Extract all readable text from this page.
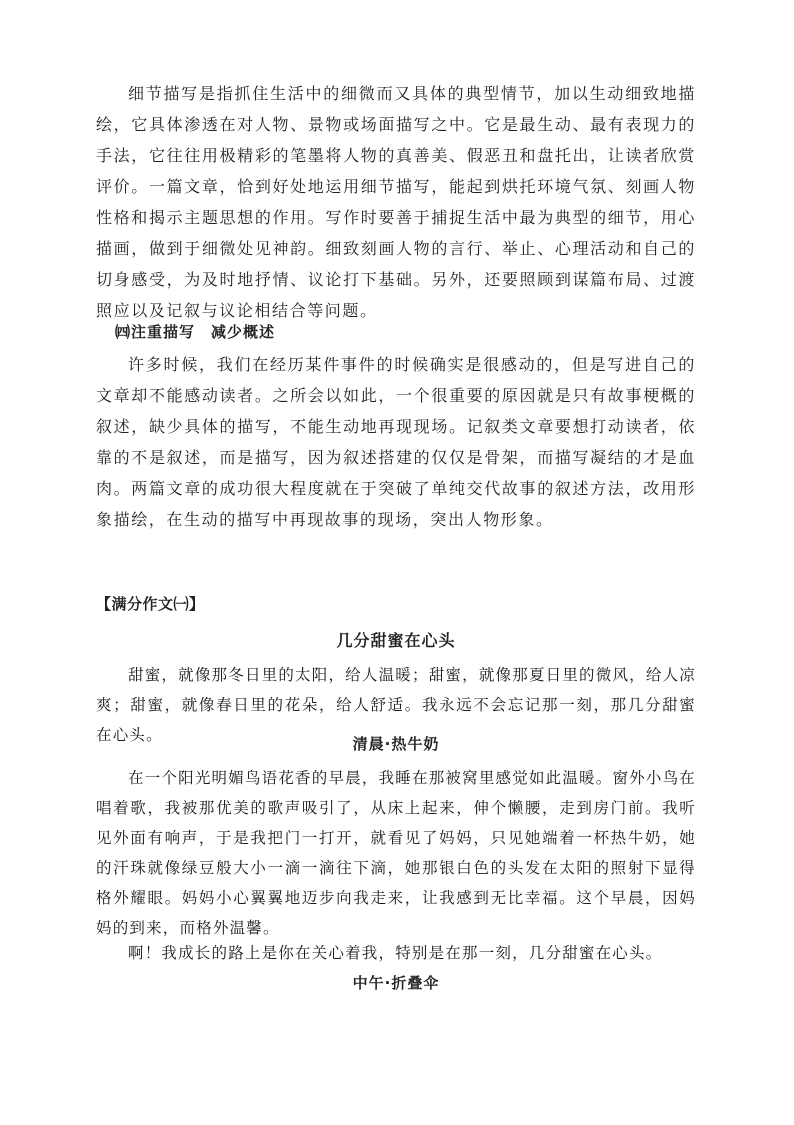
细节描写是指抓住生活中的细微而又具体的典型情节，加以生动细致地描绘，它具体渗透在对人物、景物或场面描写之中。它是最生动、最有表现力的手法，它往往用极精彩的笔墨将人物的真善美、假恶丑和盘托出，让读者欣赏评价。一篇文章，恰到好处地运用细节描写，能起到烘托环境气氛、刻画人物性格和揭示主题思想的作用。写作时要善于捕捉生活中最为典型的细节，用心描画，做到于细微处见神韵。细致刻画人物的言行、举止、心理活动和自己的切身感受，为及时地抒情、议论打下基础。另外，还要照顾到谋篇布局、过渡照应以及记叙与议论相结合等问题。

㈣注重描写　减少概述

许多时候，我们在经历某件事件的时候确实是很感动的，但是写进自己的文章却不能感动读者。之所会以如此，一个很重要的原因就是只有故事梗概的叙述，缺少具体的描写，不能生动地再现现场。记叙类文章要想打动读者，依靠的不是叙述，而是描写，因为叙述搭建的仅仅是骨架，而描写凝结的才是血肉。两篇文章的成功很大程度就在于突破了单纯交代故事的叙述方法，改用形象描绘，在生动的描写中再现故事的现场，突出人物形象。

【满分作文㈠】

几分甜蜜在心头

甜蜜，就像那冬日里的太阳，给人温暖；甜蜜，就像那夏日里的微风，给人凉爽；甜蜜，就像春日里的花朵，给人舒适。我永远不会忘记那一刻，那几分甜蜜在心头。	清晨·热牛奶

在一个阳光明媚鸟语花香的早晨，我睡在那被窝里感觉如此温暖。窗外小鸟在唱着歌，我被那优美的歌声吸引了，从床上起来，伸个懒腰，走到房门前。我听见外面有响声，于是我把门一打开，就看见了妈妈，只见她端着一杯热牛奶，她的汗珠就像绿豆般大小一滴一滴往下滴，她那银白色的头发在太阳的照射下显得格外耀眼。妈妈小心翼翼地迈步向我走来，让我感到无比幸福。这个早晨，因妈妈的到来，而格外温馨。

啊！我成长的路上是你在关心着我，特别是在那一刻，几分甜蜜在心头。

中午·折叠伞
